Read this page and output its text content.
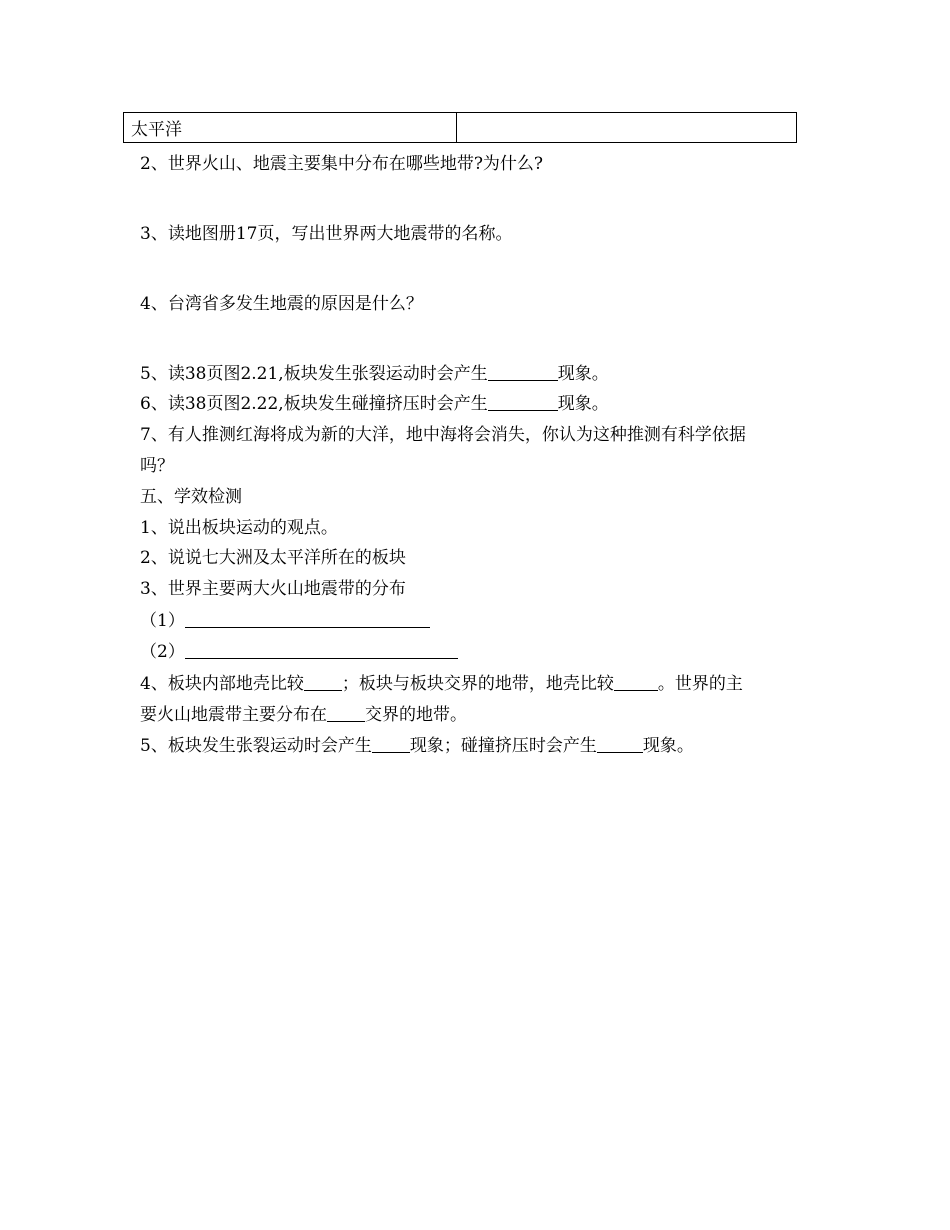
太平洋
2、世界火山、地震主要集中分布在哪些地带?为什么?
3、读地图册17页，写出世界两大地震带的名称。
4、台湾省多发生地震的原因是什么？
5、读38页图2.21,板块发生张裂运动时会产生	现象。
6、读38页图2.22,板块发生碰撞挤压时会产生	现象。
7、有人推测红海将成为新的大洋，地中海将会消失，你认为这种推测有科学依据
吗？
五、学效检测
1、说出板块运动的观点。
2、说说七大洲及太平洋所在的板块
3、世界主要两大火山地震带的分布
（1）
（2）
4、板块内部地壳比较 ；板块与板块交界的地带，地壳比较	。世界的主
要火山地震带主要分布在 交界的地带。
5、板块发生张裂运动时会产生 现象；碰撞挤压时会产生	现象。
